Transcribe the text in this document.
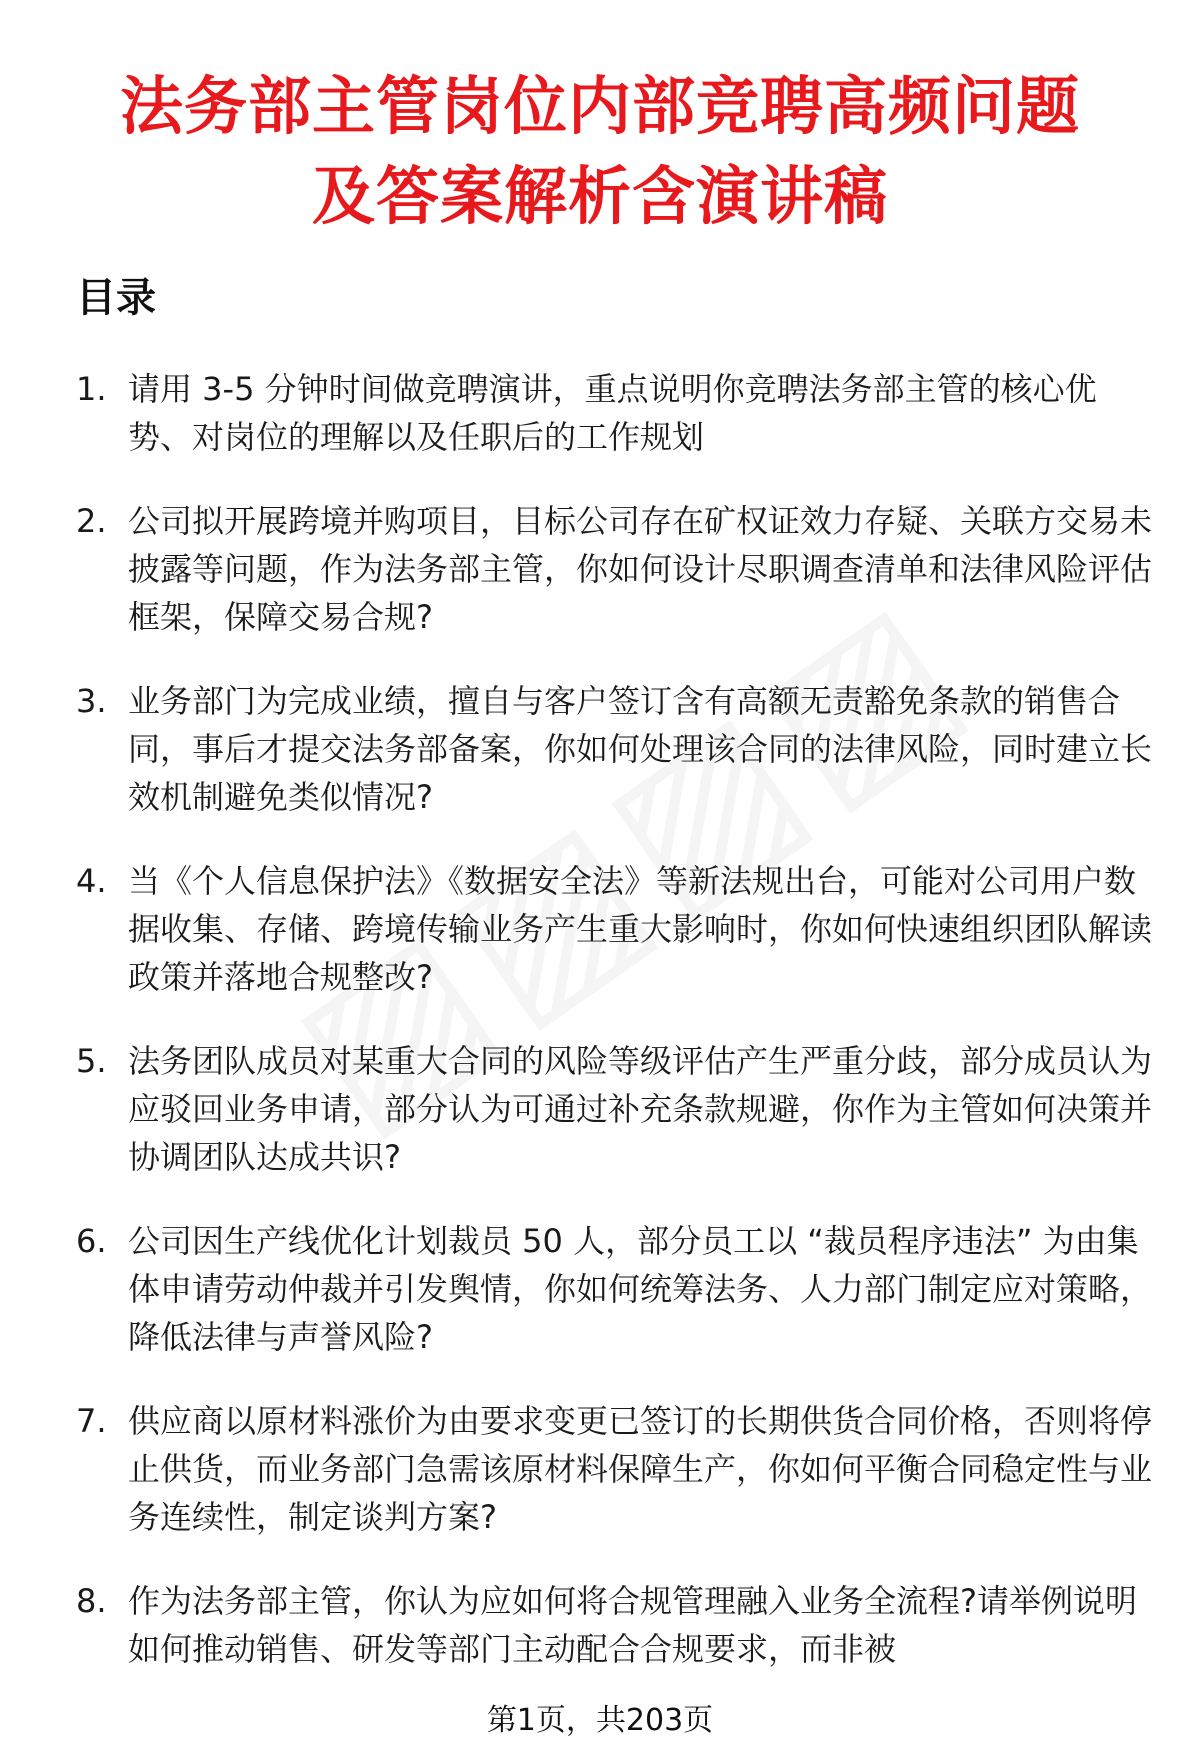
法务部主管岗位内部竞聘高频问题
及答案解析含演讲稿
目录
1. 请用 3-5 分钟时间做竞聘演讲，重点说明你竞聘法务部主管的核心优势、对岗位的理解以及任职后的工作规划
2. 公司拟开展跨境并购项目，目标公司存在矿权证效力存疑、关联方交易未披露等问题，作为法务部主管，你如何设计尽职调查清单和法律风险评估框架，保障交易合规?
3. 业务部门为完成业绩，擅自与客户签订含有高额无责豁免条款的销售合同，事后才提交法务部备案，你如何处理该合同的法律风险，同时建立长效机制避免类似情况?
4. 当《个人信息保护法》《数据安全法》等新法规出台，可能对公司用户数据收集、存储、跨境传输业务产生重大影响时，你如何快速组织团队解读政策并落地合规整改?
5. 法务团队成员对某重大合同的风险等级评估产生严重分歧，部分成员认为应驳回业务申请，部分认为可通过补充条款规避，你作为主管如何决策并协调团队达成共识?
6. 公司因生产线优化计划裁员 50 人，部分员工以 “裁员程序违法” 为由集体申请劳动仲裁并引发舆情，你如何统筹法务、人力部门制定应对策略，降低法律与声誉风险?
7. 供应商以原材料涨价为由要求变更已签订的长期供货合同价格，否则将停止供货，而业务部门急需该原材料保障生产，你如何平衡合同稳定性与业务连续性，制定谈判方案?
8. 作为法务部主管，你认为应如何将合规管理融入业务全流程?请举例说明如何推动销售、研发等部门主动配合合规要求，而非被
第1页，共203页
